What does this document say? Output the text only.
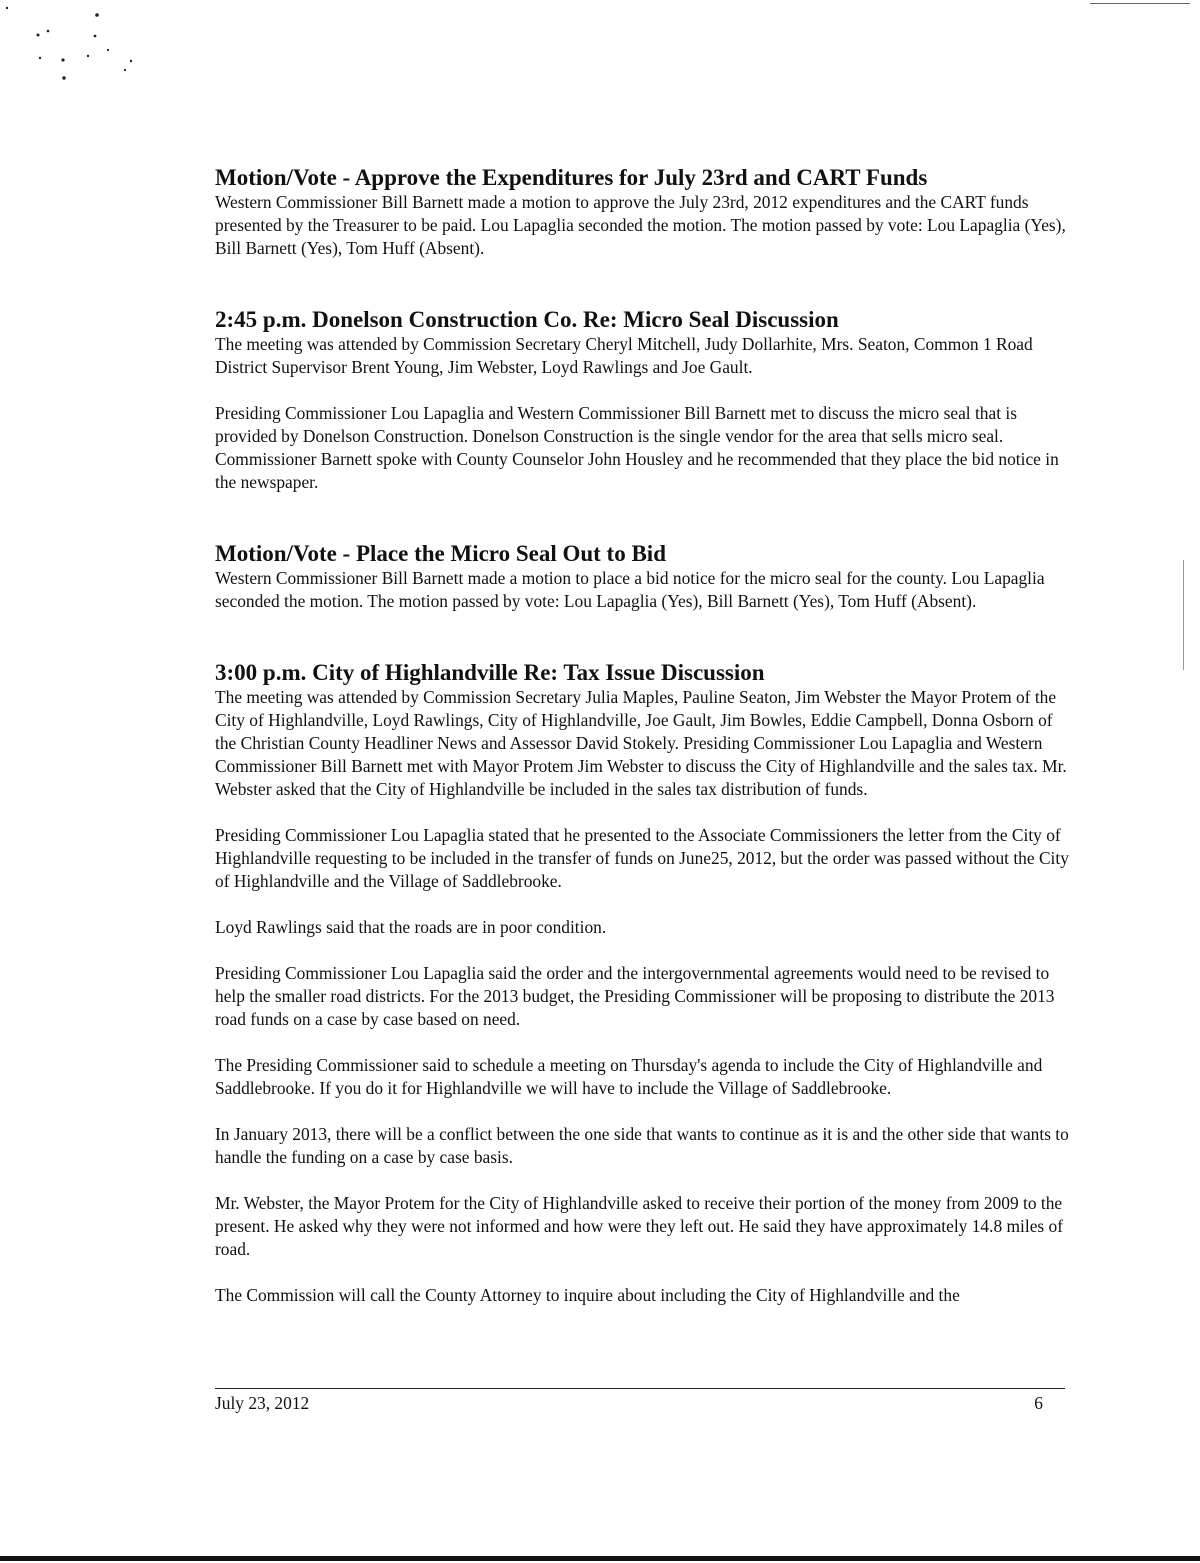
Motion/Vote - Approve the Expenditures for July 23rd and CART Funds

Western Commissioner Bill Barnett made a motion to approve the July 23rd, 2012 expenditures and the CART funds presented by the Treasurer to be paid. Lou Lapaglia seconded the motion. The motion passed by vote: Lou Lapaglia (Yes), Bill Barnett (Yes), Tom Huff (Absent).

2:45 p.m. Donelson Construction Co. Re: Micro Seal Discussion

The meeting was attended by Commission Secretary Cheryl Mitchell, Judy Dollarhite, Mrs. Seaton, Common 1 Road District Supervisor Brent Young, Jim Webster, Loyd Rawlings and Joe Gault.

Presiding Commissioner Lou Lapaglia and Western Commissioner Bill Barnett met to discuss the micro seal that is provided by Donelson Construction. Donelson Construction is the single vendor for the area that sells micro seal. Commissioner Barnett spoke with County Counselor John Housley and he recommended that they place the bid notice in the newspaper.

Motion/Vote - Place the Micro Seal Out to Bid

Western Commissioner Bill Barnett made a motion to place a bid notice for the micro seal for the county. Lou Lapaglia seconded the motion. The motion passed by vote: Lou Lapaglia (Yes), Bill Barnett (Yes), Tom Huff (Absent).

3:00 p.m. City of Highlandville Re: Tax Issue Discussion

The meeting was attended by Commission Secretary Julia Maples, Pauline Seaton, Jim Webster the Mayor Protem of the City of Highlandville, Loyd Rawlings, City of Highlandville, Joe Gault, Jim Bowles, Eddie Campbell, Donna Osborn of the Christian County Headliner News and Assessor David Stokely. Presiding Commissioner Lou Lapaglia and Western Commissioner Bill Barnett met with Mayor Protem Jim Webster to discuss the City of Highlandville and the sales tax. Mr. Webster asked that the City of Highlandville be included in the sales tax distribution of funds.

Presiding Commissioner Lou Lapaglia stated that he presented to the Associate Commissioners the letter from the City of Highlandville requesting to be included in the transfer of funds on June25, 2012, but the order was passed without the City of Highlandville and the Village of Saddlebrooke.

Loyd Rawlings said that the roads are in poor condition.

Presiding Commissioner Lou Lapaglia said the order and the intergovernmental agreements would need to be revised to help the smaller road districts. For the 2013 budget, the Presiding Commissioner will be proposing to distribute the 2013 road funds on a case by case based on need.

The Presiding Commissioner said to schedule a meeting on Thursday's agenda to include the City of Highlandville and Saddlebrooke. If you do it for Highlandville we will have to include the Village of Saddlebrooke.

In January 2013, there will be a conflict between the one side that wants to continue as it is and the other side that wants to handle the funding on a case by case basis.

Mr. Webster, the Mayor Protem for the City of Highlandville asked to receive their portion of the money from 2009 to the present. He asked why they were not informed and how were they left out. He said they have approximately 14.8 miles of road.

The Commission will call the County Attorney to inquire about including the City of Highlandville and the

July 23, 2012	6
